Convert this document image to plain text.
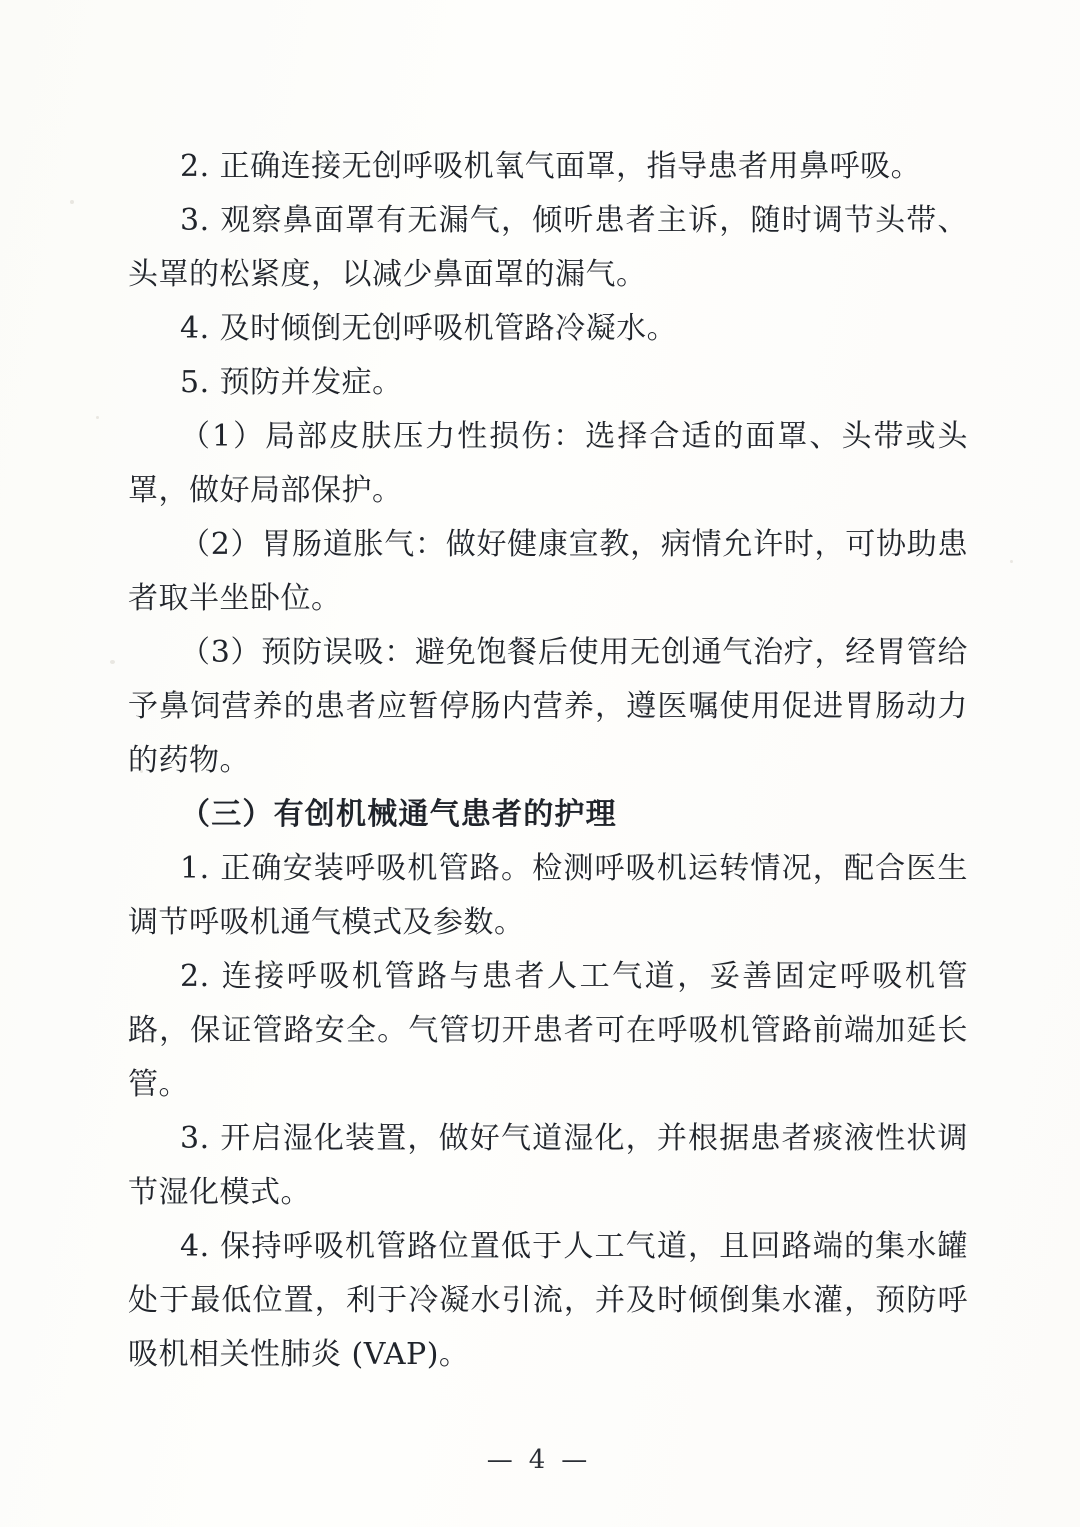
2. 正确连接无创呼吸机氧气面罩，指导患者用鼻呼吸。

3. 观察鼻面罩有无漏气，倾听患者主诉，随时调节头带、头罩的松紧度，以减少鼻面罩的漏气。

4. 及时倾倒无创呼吸机管路冷凝水。

5. 预防并发症。

（1）局部皮肤压力性损伤：选择合适的面罩、头带或头罩，做好局部保护。

（2）胃肠道胀气：做好健康宣教，病情允许时，可协助患者取半坐卧位。

（3）预防误吸：避免饱餐后使用无创通气治疗，经胃管给予鼻饲营养的患者应暂停肠内营养，遵医嘱使用促进胃肠动力的药物。

（三）有创机械通气患者的护理

1. 正确安装呼吸机管路。检测呼吸机运转情况，配合医生调节呼吸机通气模式及参数。

2. 连接呼吸机管路与患者人工气道，妥善固定呼吸机管路，保证管路安全。气管切开患者可在呼吸机管路前端加延长管。

3. 开启湿化装置，做好气道湿化，并根据患者痰液性状调节湿化模式。

4. 保持呼吸机管路位置低于人工气道，且回路端的集水罐处于最低位置，利于冷凝水引流，并及时倾倒集水灌，预防呼吸机相关性肺炎 (VAP)。

— 4 —
